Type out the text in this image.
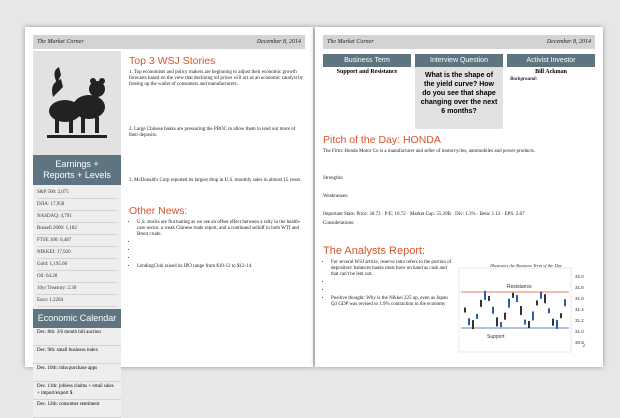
The Market Corner	December 8, 2014
Earnings +
Reports + Levels
S&P 500: 2,075
DJIA: 17,958
NASDAQ: 4,791
Russell 2000: 1,182
FTSE 100: 6,487
NIKKEI: 17,920
Gold: 1,195.60
Oil: 64.28
10yr Treasury: 2.30
Euro: 1.2284
Economic Calendar
Dec. 8th: 3/6 month bill auction
Dec. 9th: small business index
Dec. 10th: mba purchase apps
Dec. 11th: jobless claims + retail sales + import/export $
Dec. 12th: consumer sentiment
Top 3 WSJ Stories
1. Top economists and policy makers are beginning to adjust their economic growth forecasts based on the view that declining oil prices will act as an economic catalyst by freeing up the wallet of consumers and manufacturers.
2. Large Chinese banks are pressuring the PBOC to allow them to lend out more of their deposits.
3. McDonald's Corp reported its largest drop in U.S. monthly sales in almost 15 years.
Other News:
• U.S. stocks are fluctuating as we see an offset effect between a rally in the health-care sector, a weak Chinese trade report, and a continued selloff in both WTI and Brent crude.
•
•
•
• LendingClub raised its IPO range from $10-12 to $12-14.
The Market Corner	December 8, 2014
Business Term
Support and Resistance
Interview Question
What is the shape of the yield curve? How do you see that shape changing over the next 6 months?
Activist Investor
Bill Ackman
Background:
Pitch of the Day: HONDA
The Firm: Honda Motor Co is a manufacturer and seller of motorcycles, automobiles and power products.
Strengths:
Weaknesses:
Important Stats: Price: 30.73 · P/E: 10.72 · Market Cap: 55.39B · Div: 1.3% · Beta: 1.12 · EPS: 2.87
Considerations:
The Analysts Report:
• For several WSJ article, reserve ratio refers to the portion of depositors' balances banks must have on hand as cash and that can't be lent out.
•
•
• Positive thought: Why is the Nikkei 225 up, even as Japan Q3 GDP was revised to 1.9% contraction in the economy
Illustrates the Business Term of the Day
Resistance
Support
32.0
31.8
31.6
31.4
31.2
31.0
30.8
2
